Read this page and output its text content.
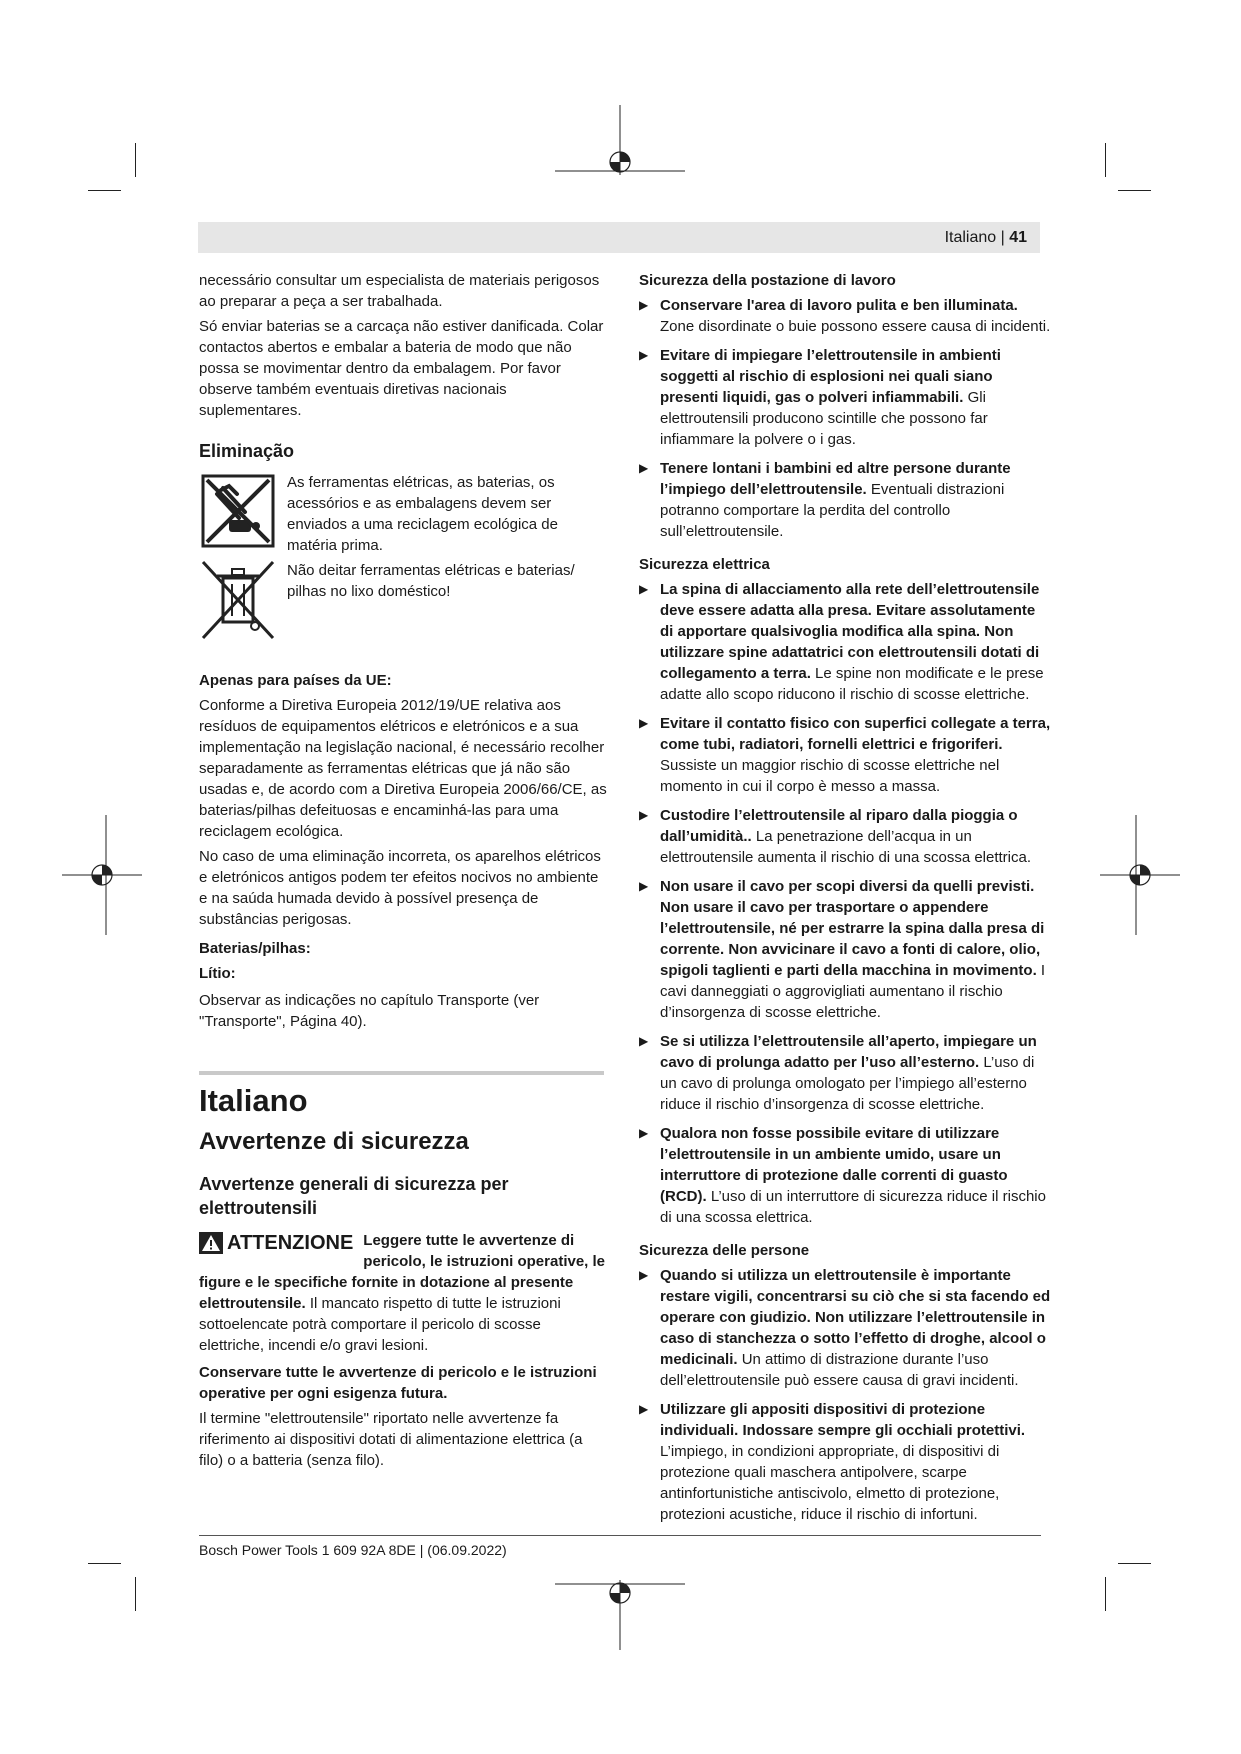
Italiano | 41

necessário consultar um especialista de materiais perigosos ao preparar a peça a ser trabalhada.

Só enviar baterias se a carcaça não estiver danificada. Colar contactos abertos e embalar a bateria de modo que não possa se movimentar dentro da embalagem. Por favor observe também eventuais diretivas nacionais suplementares.

Eliminação

As ferramentas elétricas, as baterias, os acessórios e as embalagens devem ser enviados a uma reciclagem ecológica de matéria prima.

Não deitar ferramentas elétricas e baterias/ pilhas no lixo doméstico!

Apenas para países da UE:

Conforme a Diretiva Europeia 2012/19/UE relativa aos resíduos de equipamentos elétricos e eletrónicos e a sua implementação na legislação nacional, é necessário recolher separadamente as ferramentas elétricas que já não são usadas e, de acordo com a Diretiva Europeia 2006/66/CE, as baterias/pilhas defeituosas e encaminhá-las para uma reciclagem ecológica.

No caso de uma eliminação incorreta, os aparelhos elétricos e eletrónicos antigos podem ter efeitos nocivos no ambiente e na saúda humada devido à possível presença de substâncias perigosas.

Baterias/pilhas:

Lítio:

Observar as indicações no capítulo Transporte (ver "Transporte", Página 40).

Italiano
Avvertenze di sicurezza
Avvertenze generali di sicurezza per elettroutensili
ATTENZIONE Leggere tutte le avvertenze di pericolo, le istruzioni operative, le figure e le specifiche fornite in dotazione al presente elettroutensile. Il mancato rispetto di tutte le istruzioni sottoelencate potrà comportare il pericolo di scosse elettriche, incendi e/o gravi lesioni.

Conservare tutte le avvertenze di pericolo e le istruzioni operative per ogni esigenza futura.

Il termine "elettroutensile" riportato nelle avvertenze fa riferimento ai dispositivi dotati di alimentazione elettrica (a filo) o a batteria (senza filo).

Sicurezza della postazione di lavoro

▶ Conservare l'area di lavoro pulita e ben illuminata. Zone disordinate o buie possono essere causa di incidenti.
▶ Evitare di impiegare l’elettroutensile in ambienti soggetti al rischio di esplosioni nei quali siano presenti liquidi, gas o polveri infiammabili. Gli elettroutensili producono scintille che possono far infiammare la polvere o i gas.
▶ Tenere lontani i bambini ed altre persone durante l’impiego dell’elettroutensile. Eventuali distrazioni potranno comportare la perdita del controllo sull’elettroutensile.

Sicurezza elettrica

▶ La spina di allacciamento alla rete dell’elettroutensile deve essere adatta alla presa. Evitare assolutamente di apportare qualsivoglia modifica alla spina. Non utilizzare spine adattatrici con elettroutensili dotati di collegamento a terra. Le spine non modificate e le prese adatte allo scopo riducono il rischio di scosse elettriche.
▶ Evitare il contatto fisico con superfici collegate a terra, come tubi, radiatori, fornelli elettrici e frigoriferi. Sussiste un maggior rischio di scosse elettriche nel momento in cui il corpo è messo a massa.
▶ Custodire l’elettroutensile al riparo dalla pioggia o dall’umidità.. La penetrazione dell’acqua in un elettroutensile aumenta il rischio di una scossa elettrica.
▶ Non usare il cavo per scopi diversi da quelli previsti. Non usare il cavo per trasportare o appendere l’elettroutensile, né per estrarre la spina dalla presa di corrente. Non avvicinare il cavo a fonti di calore, olio, spigoli taglienti e parti della macchina in movimento. I cavi danneggiati o aggrovigliati aumentano il rischio d’insorgenza di scosse elettriche.
▶ Se si utilizza l’elettroutensile all’aperto, impiegare un cavo di prolunga adatto per l’uso all’esterno. L’uso di un cavo di prolunga omologato per l’impiego all’esterno riduce il rischio d’insorgenza di scosse elettriche.
▶ Qualora non fosse possibile evitare di utilizzare l’elettroutensile in un ambiente umido, usare un interruttore di protezione dalle correnti di guasto (RCD). L’uso di un interruttore di sicurezza riduce il rischio di una scossa elettrica.

Sicurezza delle persone

▶ Quando si utilizza un elettroutensile è importante restare vigili, concentrarsi su ciò che si sta facendo ed operare con giudizio. Non utilizzare l’elettroutensile in caso di stanchezza o sotto l’effetto di droghe, alcool o medicinali. Un attimo di distrazione durante l’uso dell’elettroutensile può essere causa di gravi incidenti.
▶ Utilizzare gli appositi dispositivi di protezione individuali. Indossare sempre gli occhiali protettivi. L’impiego, in condizioni appropriate, di dispositivi di protezione quali maschera antipolvere, scarpe antinfortunistiche antiscivolo, elmetto di protezione, protezioni acustiche, riduce il rischio di infortuni.
Bosch Power Tools 1 609 92A 8DE | (06.09.2022)
